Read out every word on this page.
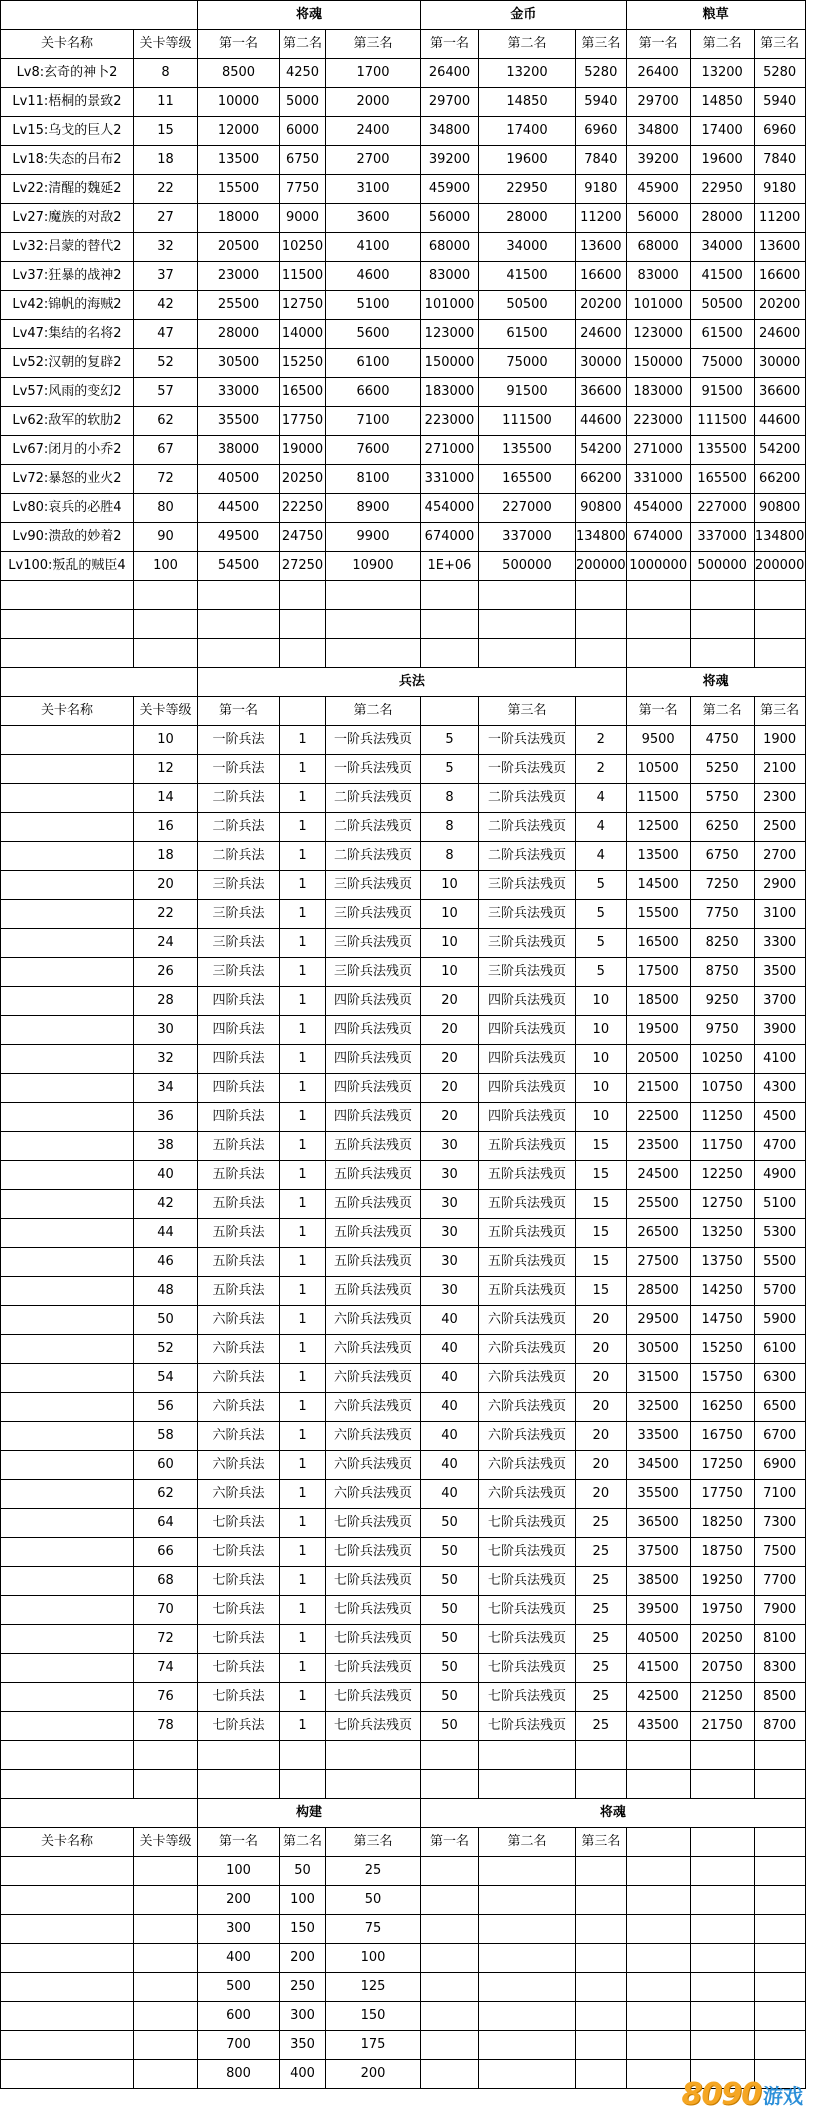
		将魂			金币			粮草		
关卡名称	关卡等级	第一名	第二名	第三名	第一名	第二名	第三名	第一名	第二名	第三名
Lv8:玄奇的神卜2	8	8500	4250	1700	26400	13200	5280	26400	13200	5280
Lv11:梧桐的景致2	11	10000	5000	2000	29700	14850	5940	29700	14850	5940
Lv15:乌戈的巨人2	15	12000	6000	2400	34800	17400	6960	34800	17400	6960
Lv18:失态的吕布2	18	13500	6750	2700	39200	19600	7840	39200	19600	7840
Lv22:清醒的魏延2	22	15500	7750	3100	45900	22950	9180	45900	22950	9180
Lv27:魔族的对敌2	27	18000	9000	3600	56000	28000	11200	56000	28000	11200
Lv32:吕蒙的替代2	32	20500	10250	4100	68000	34000	13600	68000	34000	13600
Lv37:狂暴的战神2	37	23000	11500	4600	83000	41500	16600	83000	41500	16600
Lv42:锦帆的海贼2	42	25500	12750	5100	101000	50500	20200	101000	50500	20200
Lv47:集结的名将2	47	28000	14000	5600	123000	61500	24600	123000	61500	24600
Lv52:汉朝的复辟2	52	30500	15250	6100	150000	75000	30000	150000	75000	30000
Lv57:风雨的变幻2	57	33000	16500	6600	183000	91500	36600	183000	91500	36600
Lv62:敌军的软肋2	62	35500	17750	7100	223000	111500	44600	223000	111500	44600
Lv67:闭月的小乔2	67	38000	19000	7600	271000	135500	54200	271000	135500	54200
Lv72:暴怒的业火2	72	40500	20250	8100	331000	165500	66200	331000	165500	66200
Lv80:哀兵的必胜4	80	44500	22250	8900	454000	227000	90800	454000	227000	90800
Lv90:溃敌的妙着2	90	49500	24750	9900	674000	337000	134800	674000	337000	134800
Lv100:叛乱的贼臣4	100	54500	27250	10900	1E+06	500000	200000	1000000	500000	200000

		兵法						将魂		
关卡名称	关卡等级	第一名		第二名		第三名		第一名	第二名	第三名
	10	一阶兵法	1	一阶兵法残页	5	一阶兵法残页	2	9500	4750	1900
	12	一阶兵法	1	一阶兵法残页	5	一阶兵法残页	2	10500	5250	2100
	14	二阶兵法	1	二阶兵法残页	8	二阶兵法残页	4	11500	5750	2300
	16	二阶兵法	1	二阶兵法残页	8	二阶兵法残页	4	12500	6250	2500
	18	二阶兵法	1	二阶兵法残页	8	二阶兵法残页	4	13500	6750	2700
	20	三阶兵法	1	三阶兵法残页	10	三阶兵法残页	5	14500	7250	2900
	22	三阶兵法	1	三阶兵法残页	10	三阶兵法残页	5	15500	7750	3100
	24	三阶兵法	1	三阶兵法残页	10	三阶兵法残页	5	16500	8250	3300
	26	三阶兵法	1	三阶兵法残页	10	三阶兵法残页	5	17500	8750	3500
	28	四阶兵法	1	四阶兵法残页	20	四阶兵法残页	10	18500	9250	3700
	30	四阶兵法	1	四阶兵法残页	20	四阶兵法残页	10	19500	9750	3900
	32	四阶兵法	1	四阶兵法残页	20	四阶兵法残页	10	20500	10250	4100
	34	四阶兵法	1	四阶兵法残页	20	四阶兵法残页	10	21500	10750	4300
	36	四阶兵法	1	四阶兵法残页	20	四阶兵法残页	10	22500	11250	4500
	38	五阶兵法	1	五阶兵法残页	30	五阶兵法残页	15	23500	11750	4700
	40	五阶兵法	1	五阶兵法残页	30	五阶兵法残页	15	24500	12250	4900
	42	五阶兵法	1	五阶兵法残页	30	五阶兵法残页	15	25500	12750	5100
	44	五阶兵法	1	五阶兵法残页	30	五阶兵法残页	15	26500	13250	5300
	46	五阶兵法	1	五阶兵法残页	30	五阶兵法残页	15	27500	13750	5500
	48	五阶兵法	1	五阶兵法残页	30	五阶兵法残页	15	28500	14250	5700
	50	六阶兵法	1	六阶兵法残页	40	六阶兵法残页	20	29500	14750	5900
	52	六阶兵法	1	六阶兵法残页	40	六阶兵法残页	20	30500	15250	6100
	54	六阶兵法	1	六阶兵法残页	40	六阶兵法残页	20	31500	15750	6300
	56	六阶兵法	1	六阶兵法残页	40	六阶兵法残页	20	32500	16250	6500
	58	六阶兵法	1	六阶兵法残页	40	六阶兵法残页	20	33500	16750	6700
	60	六阶兵法	1	六阶兵法残页	40	六阶兵法残页	20	34500	17250	6900
	62	六阶兵法	1	六阶兵法残页	40	六阶兵法残页	20	35500	17750	7100
	64	七阶兵法	1	七阶兵法残页	50	七阶兵法残页	25	36500	18250	7300
	66	七阶兵法	1	七阶兵法残页	50	七阶兵法残页	25	37500	18750	7500
	68	七阶兵法	1	七阶兵法残页	50	七阶兵法残页	25	38500	19250	7700
	70	七阶兵法	1	七阶兵法残页	50	七阶兵法残页	25	39500	19750	7900
	72	七阶兵法	1	七阶兵法残页	50	七阶兵法残页	25	40500	20250	8100
	74	七阶兵法	1	七阶兵法残页	50	七阶兵法残页	25	41500	20750	8300
	76	七阶兵法	1	七阶兵法残页	50	七阶兵法残页	25	42500	21250	8500
	78	七阶兵法	1	七阶兵法残页	50	七阶兵法残页	25	43500	21750	8700

		构建			将魂					
关卡名称	关卡等级	第一名	第二名	第三名	第一名	第二名	第三名			
		100	50	25						
		200	100	50						
		300	150	75						
		400	200	100						
		500	250	125						
		600	300	150						
		700	350	175						
		800	400	200						
8090 游戏
